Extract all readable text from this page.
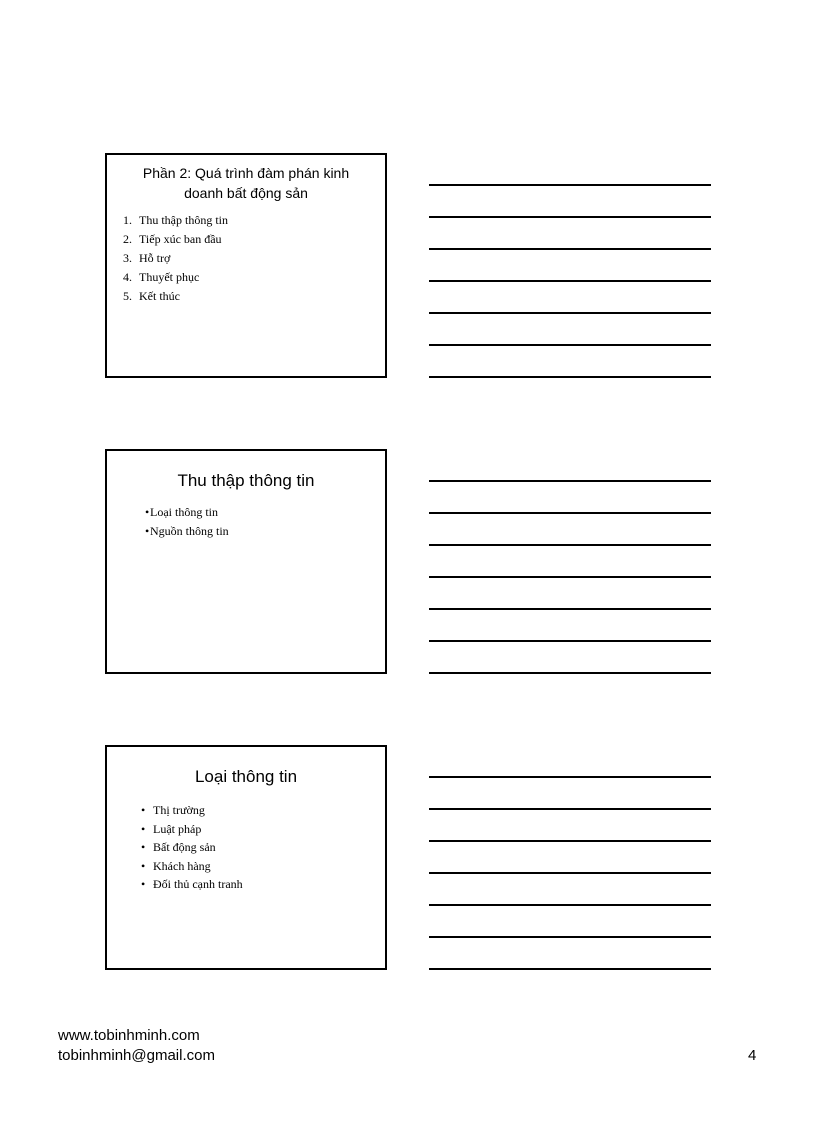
Phần 2: Quá trình đàm phán kinh doanh bất động sản
1. Thu thập thông tin
2. Tiếp xúc ban đầu
3. Hỗ trợ
4. Thuyết phục
5. Kết thúc
Thu thập thông tin
•Loại thông tin
•Nguồn thông tin
Loại thông tin
• Thị trường
• Luật pháp
• Bất động sản
• Khách hàng
• Đối thủ cạnh tranh
www.tobinhminh.com
tobinhminh@gmail.com	4
